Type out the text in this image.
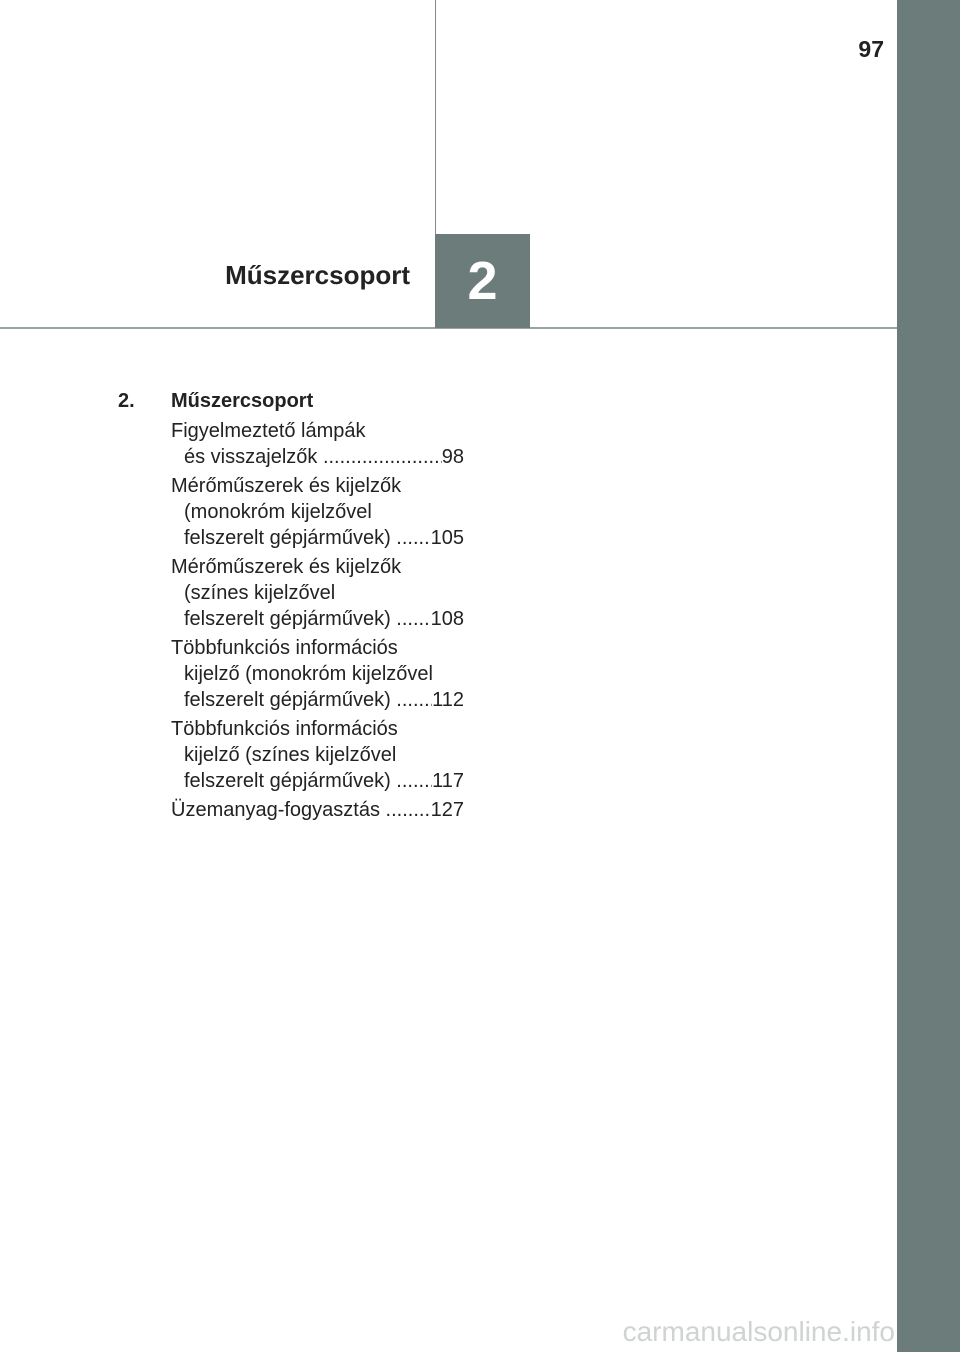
97
2
Műszercsoport
2.	Műszercsoport
Figyelmeztető lámpák
és visszajelzők .....	98
Mérőműszerek és kijelzők
(monokróm kijelzővel
felszerelt gépjárművek) .....	105
Mérőműszerek és kijelzők
(színes kijelzővel
felszerelt gépjárművek) .....	108
Többfunkciós információs
kijelző (monokróm kijelzővel
felszerelt gépjárművek) .....	112
Többfunkciós információs
kijelző (színes kijelzővel
felszerelt gépjárművek) .....	117
Üzemanyag-fogyasztás .....	127
carmanualsonline.info
